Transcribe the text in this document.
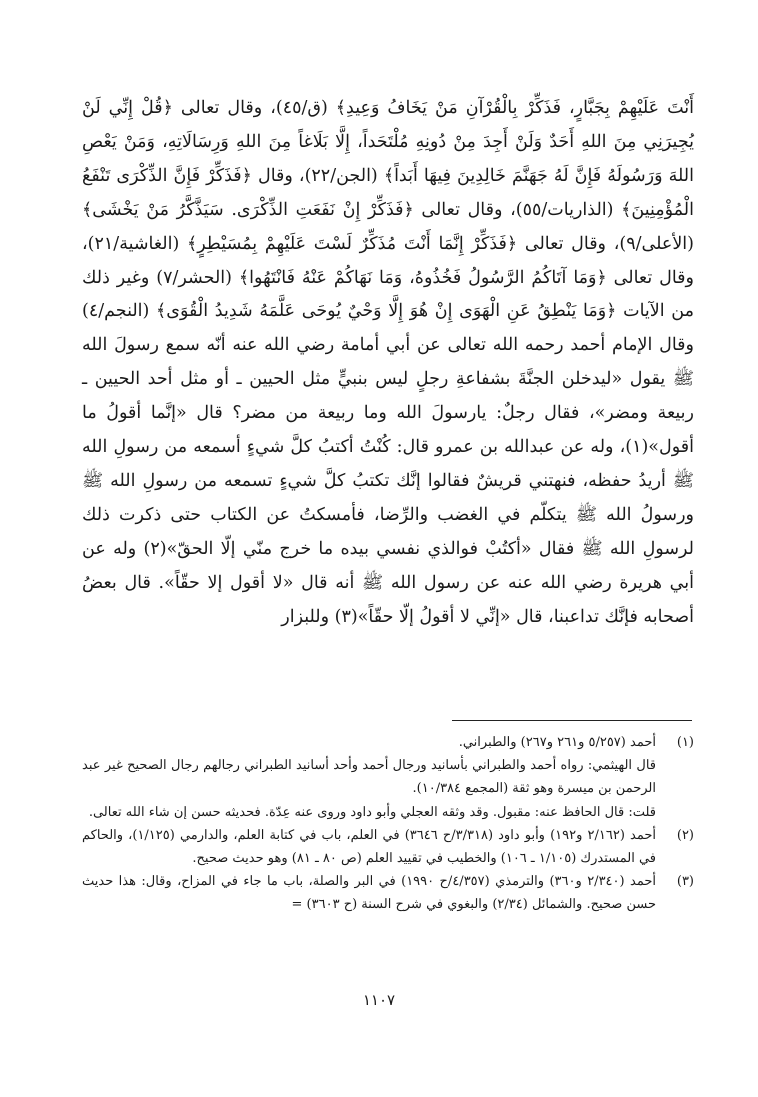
أَنْتَ عَلَيْهِمْ بِجَبَّارٍ، فَذَكِّرْ بِالْقُرْآنِ مَنْ يَخَافُ وَعِيدِ﴾ (ق/٤٥)، وقال تعالى ﴿قُلْ إِنِّي لَنْ يُجِيرَنِي مِنَ اللهِ أَحَدٌ وَلَنْ أَجِدَ مِنْ دُونِهِ مُلْتَحَداً، إِلَّا بَلَاغاً مِنَ اللهِ وَرِسَالَاتِهِ، وَمَنْ يَعْصِ اللهَ وَرَسُولَهُ فَإِنَّ لَهُ جَهَنَّمَ خَالِدِينَ فِيهَا أَبَداً﴾ (الجن/٢٢)، وقال ﴿فَذَكِّرْ فَإِنَّ الذِّكْرَى تَنْفَعُ الْمُؤْمِنِينَ﴾ (الذاريات/٥٥)، وقال تعالى ﴿فَذَكِّرْ إِنْ نَفَعَتِ الذِّكْرَى. سَيَذَّكَّرُ مَنْ يَخْشَى﴾ (الأعلى/٩)، وقال تعالى ﴿فَذَكِّرْ إِنَّمَا أَنْتَ مُذَكِّرٌ لَسْتَ عَلَيْهِمْ بِمُسَيْطِرٍ﴾ (الغاشية/٢١)، وقال تعالى ﴿وَمَا آتَاكُمُ الرَّسُولُ فَخُذُوهُ، وَمَا نَهَاكُمْ عَنْهُ فَانْتَهُوا﴾ (الحشر/٧) وغير ذلك من الآيات ﴿وَمَا يَنْطِقُ عَنِ الْهَوَى إِنْ هُوَ إِلَّا وَحْيٌ يُوحَى عَلَّمَهُ شَدِيدُ الْقُوَى﴾ (النجم/٤) وقال الإمام أحمد رحمه الله تعالى عن أبي أمامة رضي الله عنه أنّه سمع رسولَ الله ﷺ يقول «ليدخلن الجنَّةَ بشفاعةِ رجلٍ ليس بنبيٍّ مثل الحيين ـ أو مثل أحد الحيين ـ ربيعة ومضر»، فقال رجلٌ: يارسولَ الله وما ربيعة من مضر؟ قال «إنَّما أقولُ ما أقول»(١)، وله عن عبدالله بن عمرو قال: كُنْتُ أكتبُ كلَّ شيءٍ أسمعه من رسولِ الله ﷺ أريدُ حفظه، فنهتني قريشٌ فقالوا إنَّك تكتبُ كلَّ شيءٍ تسمعه من رسولِ الله ﷺ ورسولُ الله ﷺ يتكلّم في الغضب والرِّضا، فأمسكتُ عن الكتاب حتى ذكرت ذلك لرسولِ الله ﷺ فقال «أكتُبْ فوالذي نفسي بيده ما خرج منّي إلّا الحقّ»(٢) وله عن أبي هريرة رضي الله عنه عن رسول الله ﷺ أنه قال «لا أقول إلا حقّاً». قال بعضُ أصحابه فإنَّك تداعبنا، قال «إنِّي لا أقولُ إلّا حقّاً»(٣) وللبزار

(١)

أحمد (٥/٢٥٧ و٢٦١ و٢٦٧) والطبراني.

قال الهيثمي: رواه أحمد والطبراني بأسانيد ورجال أحمد وأحد أسانيد الطبراني رجالهم رجال الصحيح غير عبد الرحمن بن ميسرة وهو ثقة (المجمع ١٠/٣٨٤).

قلت: قال الحافظ عنه: مقبول. وقد وثقه العجلي وأبو داود وروى عنه عِدّة. فحديثه حسن إن شاء الله تعالى.

(٢)

أحمد (٢/١٦٢ و١٩٢) وأبو داود (٣/٣١٨/ح ٣٦٤٦) في العلم، باب في كتابة العلم، والدارمي (١/١٢٥)، والحاكم في المستدرك (١/١٠٥ ـ ١٠٦) والخطيب في تقييد العلم (ص ٨٠ ـ ٨١) وهو حديث صحيح.

(٣)

أحمد (٢/٣٤٠ و٣٦٠) والترمذي (٤/٣٥٧/ح ١٩٩٠) في البر والصلة، باب ما جاء في المزاح، وقال: هذا حديث حسن صحيح. والشمائل (٢/٣٤) والبغوي في شرح السنة (ح ٣٦٠٣) =

١١٠٧
